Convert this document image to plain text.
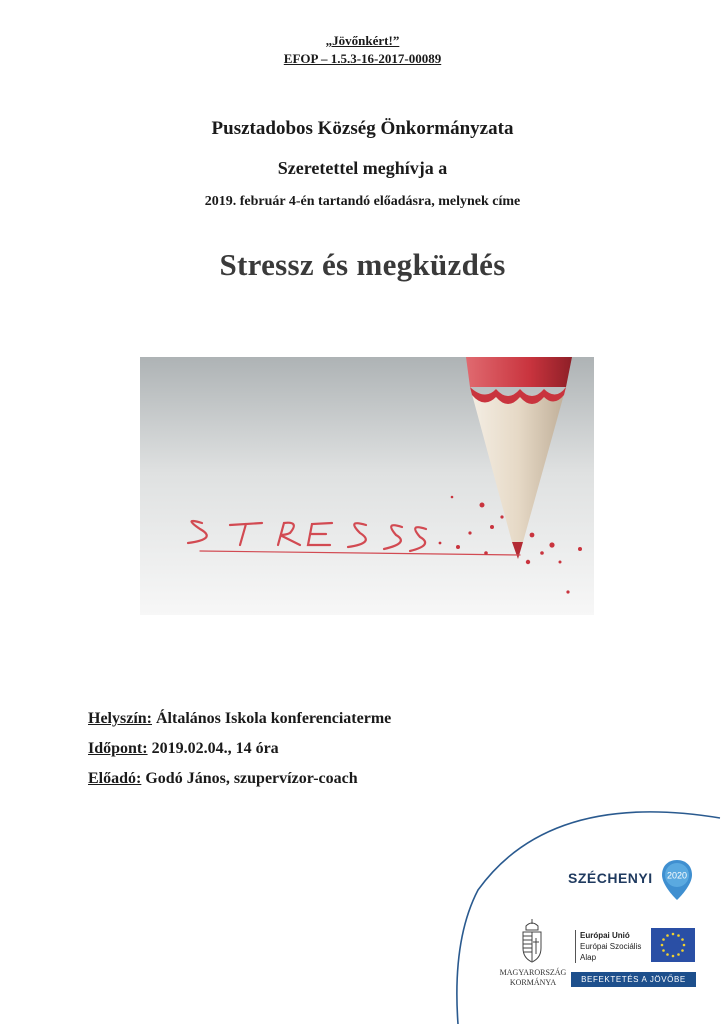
„Jövőnkért!”
EFOP – 1.5.3-16-2017-00089
Pusztadobos Község Önkormányzata
Szeretettel meghívja a
2019. február 4-én tartandó előadásra, melynek címe
Stressz és megküzdés
Helyszín: Általános Iskola konferenciaterme
Időpont: 2019.02.04., 14 óra
Előadó: Godó János, szupervízor-coach
SZÉCHENYI 2020
MAGYARORSZÁG
KORMÁNYA
Európai Unió
Európai Szociális
Alap
BEFEKTETÉS A JÖVŐBE
